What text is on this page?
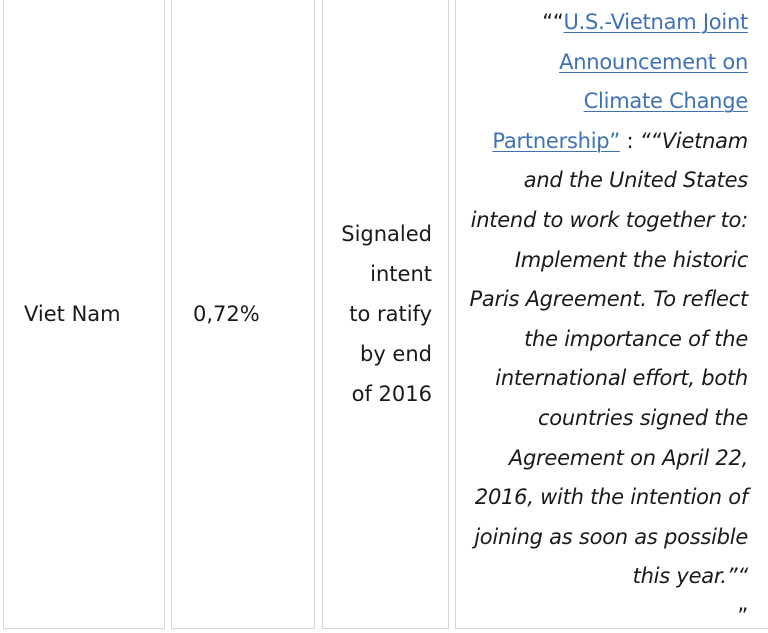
Viet Nam	0,72%
Signaled
intent
to ratify
by end
of 2016
““U.S.-Vietnam Joint
Announcement on
Climate Change
Partnership” : ““Vietnam
and the United States
intend to work together to:
Implement the historic
Paris Agreement. To reflect
the importance of the
international effort, both
countries signed the
Agreement on April 22,
2016, with the intention of
joining as soon as possible
this year.”“
”
